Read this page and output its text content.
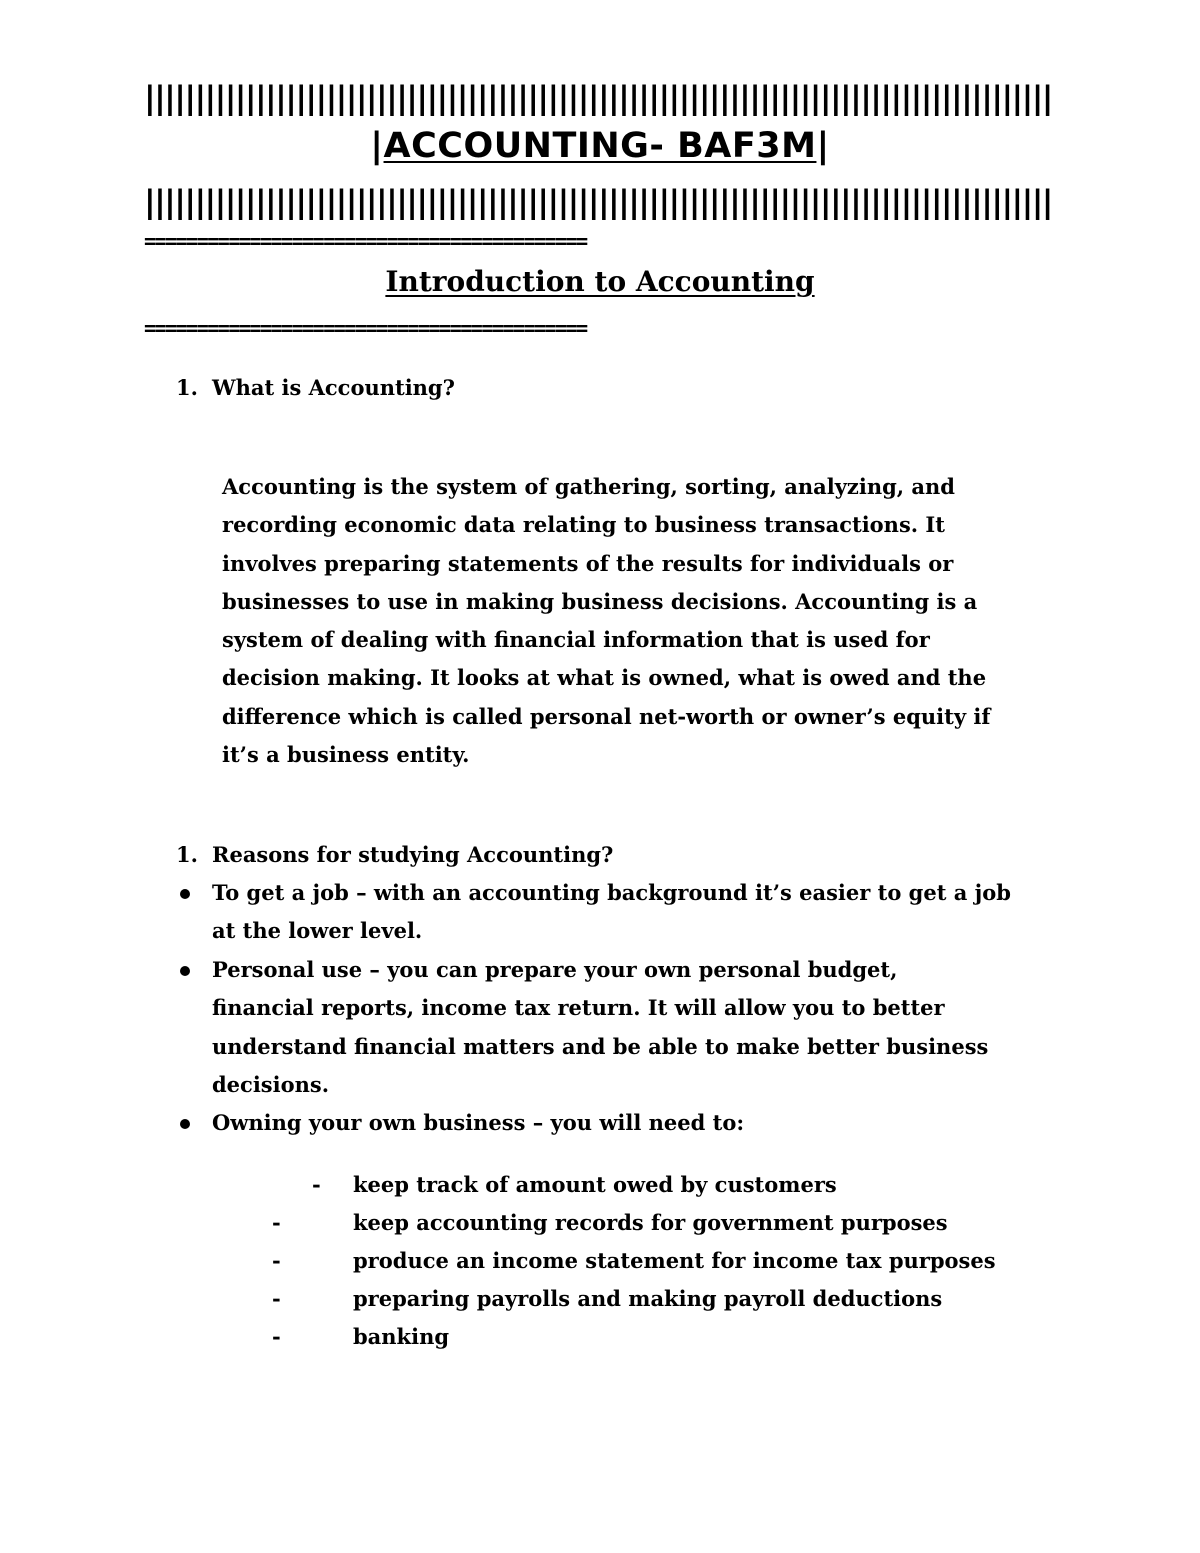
||||||||||||||||||||||||||||||||||||||||||||||||||||||||||||||||||||||||||||||||||||||||||
|ACCOUNTING- BAF3M|
||||||||||||||||||||||||||||||||||||||||||||||||||||||||||||||||||||||||||||||||||||||||||
==========================================
Introduction to Accounting
==========================================
1. What is Accounting?
Accounting is the system of gathering, sorting, analyzing, and
recording economic data relating to business transactions. It
involves preparing statements of the results for individuals or
businesses to use in making business decisions. Accounting is a
system of dealing with financial information that is used for
decision making. It looks at what is owned, what is owed and the
difference which is called personal net-worth or owner’s equity if
it’s a business entity.
1. Reasons for studying Accounting?
To get a job – with an accounting background it’s easier to get a job
at the lower level.
Personal use – you can prepare your own personal budget,
financial reports, income tax return. It will allow you to better
understand financial matters and be able to make better business
decisions.
Owning your own business – you will need to:
-	keep track of amount owed by customers
-	keep accounting records for government purposes
-	produce an income statement for income tax purposes
-	preparing payrolls and making payroll deductions
-	banking
